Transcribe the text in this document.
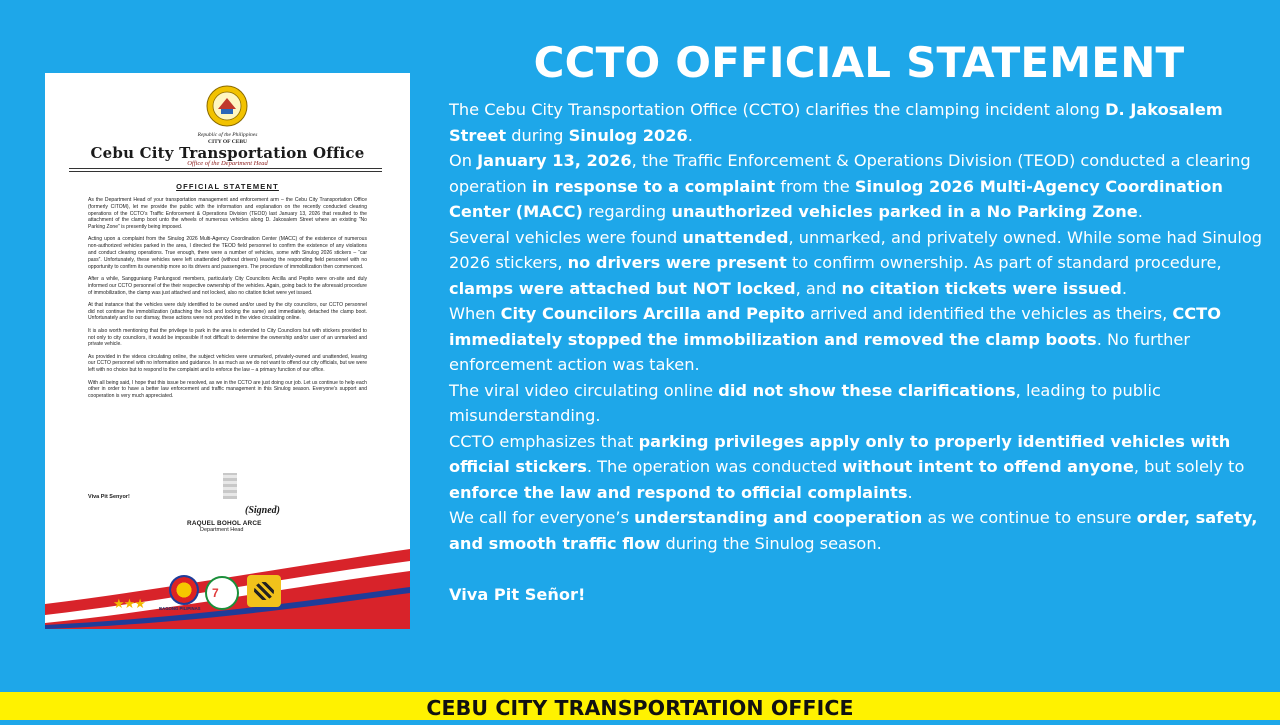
Republic of the Philippines
CITY OF CEBU
Cebu City Transportation Office
Office of the Department Head
OFFICIAL STATEMENT

As the Department Head of your transportation management and enforcement arm – the Cebu City Transportation Office (formerly CITOM), let me provide the public with the information and explanation on the recently conducted clearing operations of the CCTO’s Traffic Enforcement & Operations Division (TEOD) last January 13, 2026 that resulted to the attachment of the clamp boot unto the wheels of numerous vehicles along D. Jakosalem Street where an existing “No Parking Zone” is presently being imposed.

Acting upon a complaint from the Sinulog 2026 Multi-Agency Coordination Center (MACC) of the existence of numerous non-authorized vehicles parked in the area, I directed the TEOD field personnel to confirm the existence of any violations and conduct clearing operations. True enough, there were a number of vehicles, some with Sinulog 2026 stickers – “car pass”. Unfortunately, these vehicles were left unattended (without drivers) leaving the responding field personnel with no opportunity to confirm its ownership more so its drivers and passengers. The procedure of immobilization then commenced.

After a while, Sangguniang Panlungsod members, particularly City Councilors Arcilla and Pepito were on-site and duly informed our CCTO personnel of the their respective ownership of the vehicles. Again, going back to the aforesaid procedure of immobilization, the clamp was just attached and not locked, also no citation ticket were yet issued.

At that instance that the vehicles were duly identified to be owned and/or used by the city councilors, our CCTO personnel did not continue the immobilization (attaching the lock and locking the same) and immediately, detached the clamp boot. Unfortunately and to our dismay, these actions were not provided in the video circulating online.

It is also worth mentioning that the privilege to park in the area is extended to City Councilors but with stickers provided to not only to city councilors, it would be impossible if not difficult to determine the ownership and/or user of an unmarked and private vehicle.

As provided in the videos circulating online, the subject vehicles were unmarked, privately-owned and unattended, leaving our CCTO personnel with no information and guidance. In as much as we do not want to offend our city officials, but we were left with no choice but to respond to the complaint and to enforce the law – a primary function of our office.

With all being said, I hope that this issue be resolved, as we in the CCTO are just doing our job. Let us continue to help each other in order to have a better law enforcement and traffic management in this Sinulog season. Everyone’s support and cooperation is very much appreciated.

Viva Pit Senyor!
(Signed)
RAQUEL BOHOL ARCE
Department Head
★★★	BAGONG PILIPINAS
7
CCTO OFFICIAL STATEMENT

The Cebu City Transportation Office (CCTO) clarifies the clamping incident along D. Jakosalem Street during Sinulog 2026.

On January 13, 2026, the Traffic Enforcement & Operations Division (TEOD) conducted a clearing operation in response to a complaint from the Sinulog 2026 Multi-Agency Coordination Center (MACC) regarding unauthorized vehicles parked in a No Parking Zone.

Several vehicles were found unattended, unmarked, and privately owned. While some had Sinulog 2026 stickers, no drivers were present to confirm ownership. As part of standard procedure, clamps were attached but NOT locked, and no citation tickets were issued.

When City Councilors Arcilla and Pepito arrived and identified the vehicles as theirs, CCTO immediately stopped the immobilization and removed the clamp boots. No further enforcement action was taken.

The viral video circulating online did not show these clarifications, leading to public misunderstanding.

CCTO emphasizes that parking privileges apply only to properly identified vehicles with official stickers. The operation was conducted without intent to offend anyone, but solely to enforce the law and respond to official complaints.

We call for everyone’s understanding and cooperation as we continue to ensure order, safety, and smooth traffic flow during the Sinulog season.

Viva Pit Señor!

CEBU CITY TRANSPORTATION OFFICE
